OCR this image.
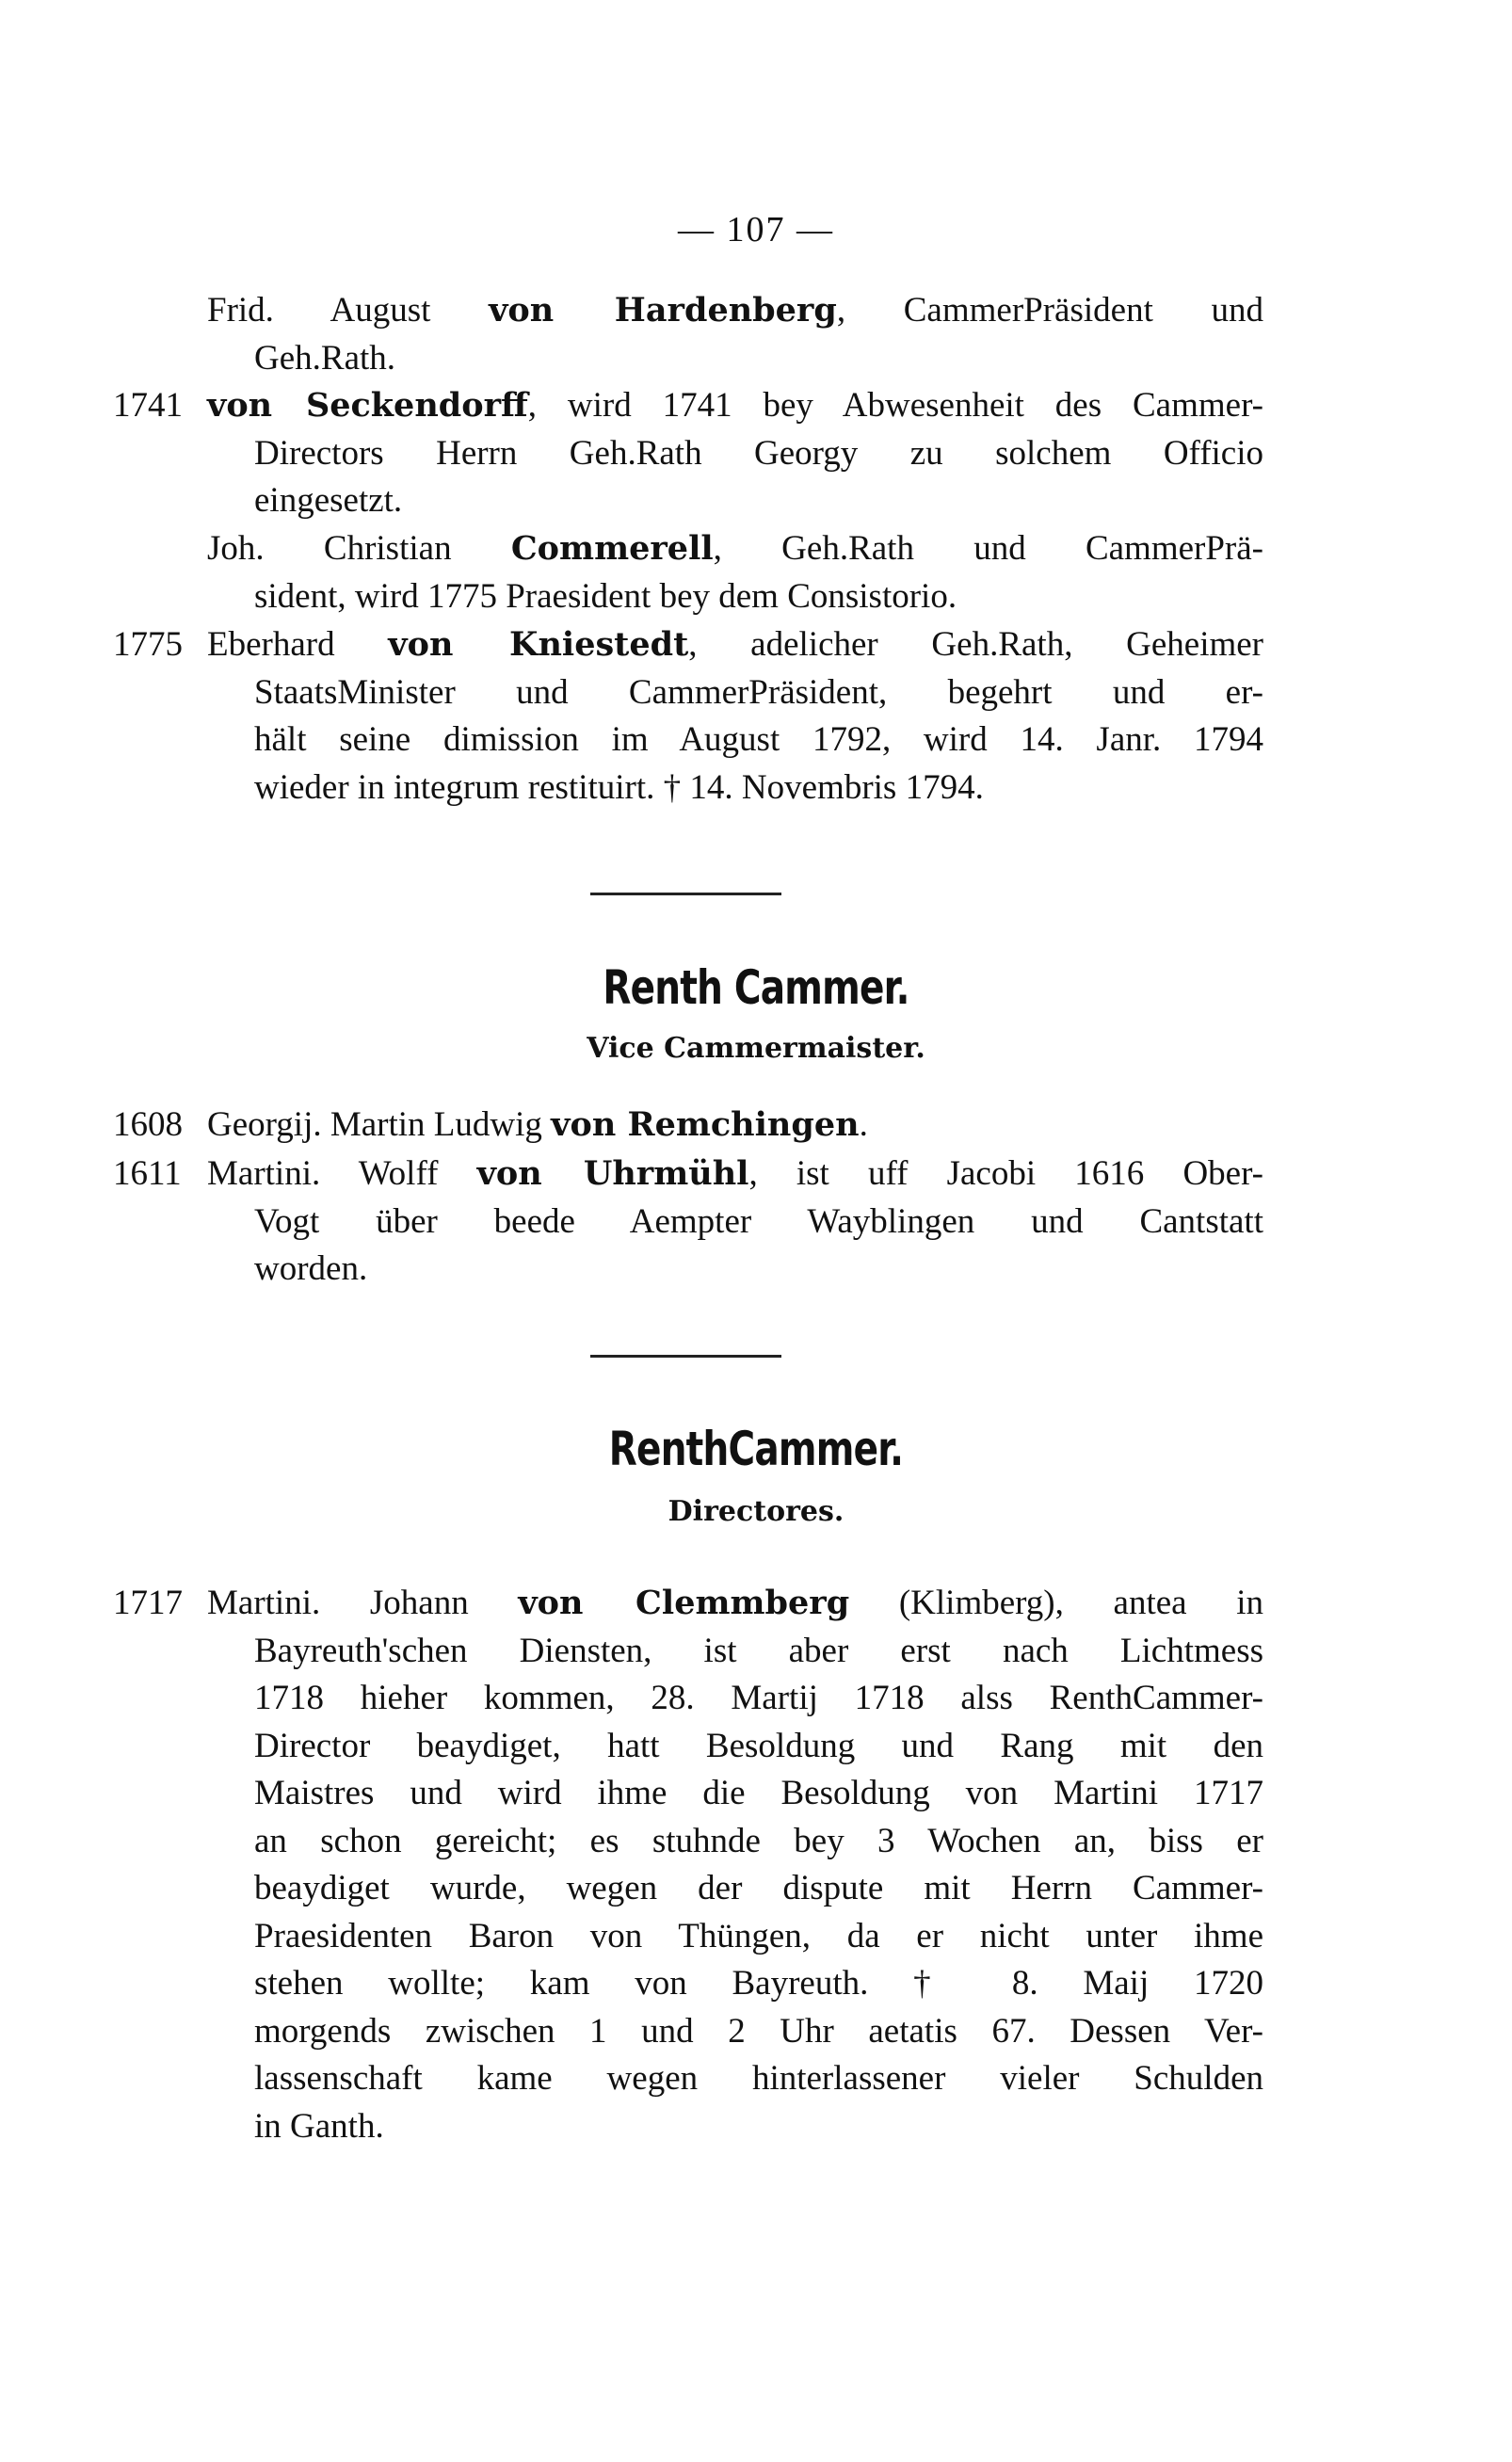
— 107 —
Frid. August von Hardenberg, CammerPräsident und
Geh.Rath.
1741 von Seckendorff, wird 1741 bey Abwesenheit des Cammer-
Directors Herrn Geh.Rath Georgy zu solchem Officio
eingesetzt.
Joh. Christian Commerell, Geh.Rath und CammerPrä-
sident, wird 1775 Praesident bey dem Consistorio.
1775 Eberhard von Kniestedt, adelicher Geh.Rath, Geheimer
StaatsMinister und CammerPräsident, begehrt und er-
hält seine dimission im August 1792, wird 14. Janr. 1794
wieder in integrum restituirt. † 14. Novembris 1794.
Renth Cammer.
Vice Cammermaister.
1608 Georgij. Martin Ludwig von Remchingen.
1611 Martini. Wolff von Uhrmühl, ist uff Jacobi 1616 Ober-
Vogt über beede Aempter Wayblingen und Cantstatt
worden.
RenthCammer.
Directores.
1717 Martini. Johann von Clemmberg (Klimberg), antea in
Bayreuth'schen Diensten, ist aber erst nach Lichtmess
1718 hieher kommen, 28. Martij 1718 alss RenthCammer-
Director beaydiget, hatt Besoldung und Rang mit den
Maistres und wird ihme die Besoldung von Martini 1717
an schon gereicht; es stuhnde bey 3 Wochen an, biss er
beaydiget wurde, wegen der dispute mit Herrn Cammer-
Praesidenten Baron von Thüngen, da er nicht unter ihme
stehen wollte; kam von Bayreuth. † 8. Maij 1720
morgends zwischen 1 und 2 Uhr aetatis 67. Dessen Ver-
lassenschaft kame wegen hinterlassener vieler Schulden
in Ganth.
